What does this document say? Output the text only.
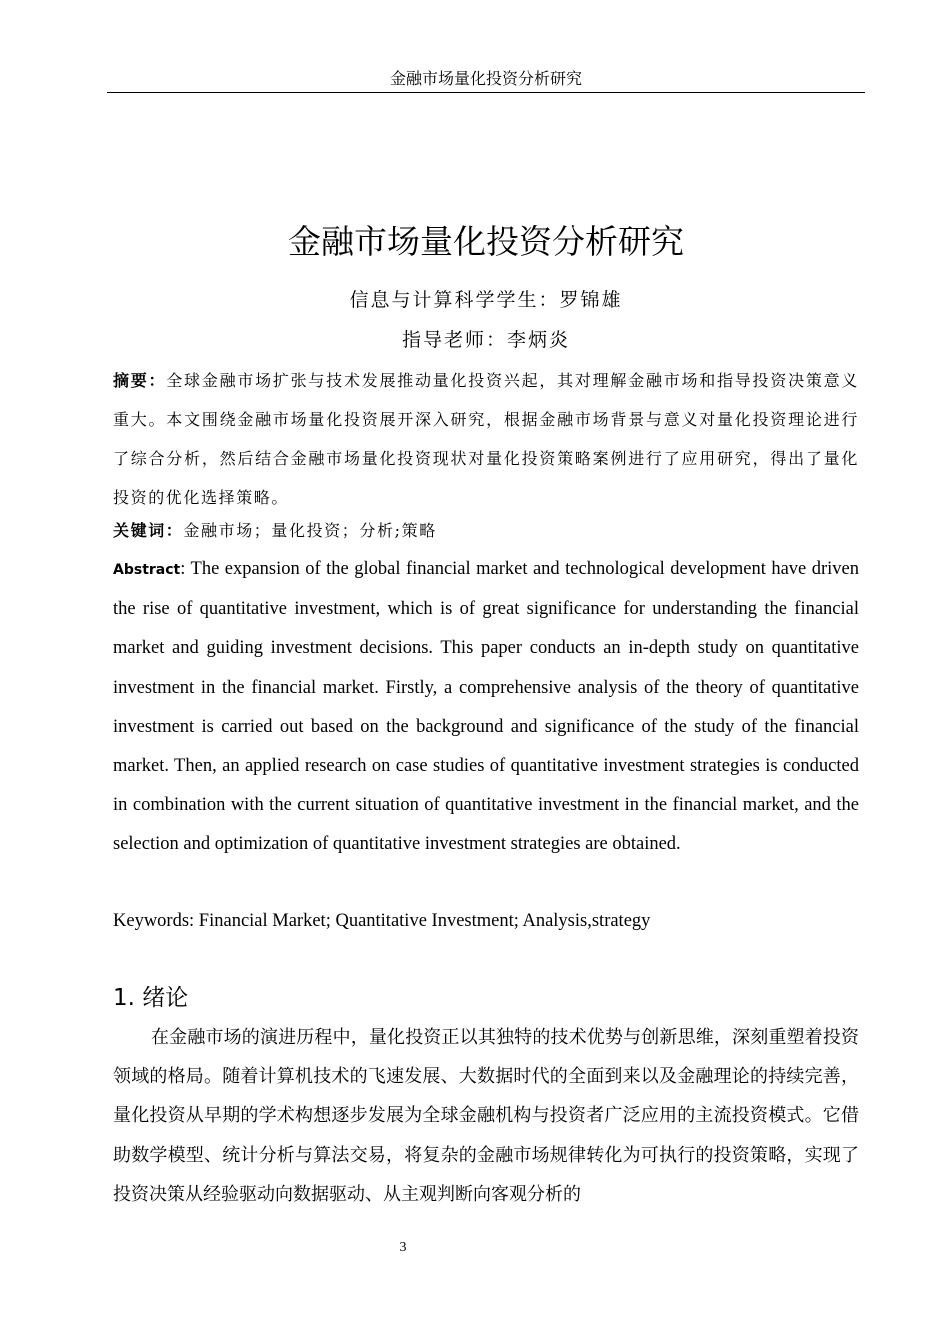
金融市场量化投资分析研究
金融市场量化投资分析研究
信息与计算科学学生：罗锦雄
指导老师：李炳炎
摘要：全球金融市场扩张与技术发展推动量化投资兴起，其对理解金融市场和指导投资决策意义重大。本文围绕金融市场量化投资展开深入研究，根据金融市场背景与意义对量化投资理论进行了综合分析，然后结合金融市场量化投资现状对量化投资策略案例进行了应用研究，得出了量化投资的优化选择策略。
关键词：金融市场；量化投资；分析;策略
Abstract: The expansion of the global financial market and technological development have driven the rise of quantitative investment, which is of great significance for understanding the financial market and guiding investment decisions. This paper conducts an in-depth study on quantitative investment in the financial market. Firstly, a comprehensive analysis of the theory of quantitative investment is carried out based on the background and significance of the study of the financial market. Then, an applied research on case studies of quantitative investment strategies is conducted in combination with the current situation of quantitative investment in the financial market, and the selection and optimization of quantitative investment strategies are obtained.
Keywords: Financial Market; Quantitative Investment; Analysis,strategy
1. 绪论
在金融市场的演进历程中，量化投资正以其独特的技术优势与创新思维，深刻重塑着投资领域的格局。随着计算机技术的飞速发展、大数据时代的全面到来以及金融理论的持续完善，量化投资从早期的学术构想逐步发展为全球金融机构与投资者广泛应用的主流投资模式。它借助数学模型、统计分析与算法交易，将复杂的金融市场规律转化为可执行的投资策略，实现了投资决策从经验驱动向数据驱动、从主观判断向客观分析的
3
